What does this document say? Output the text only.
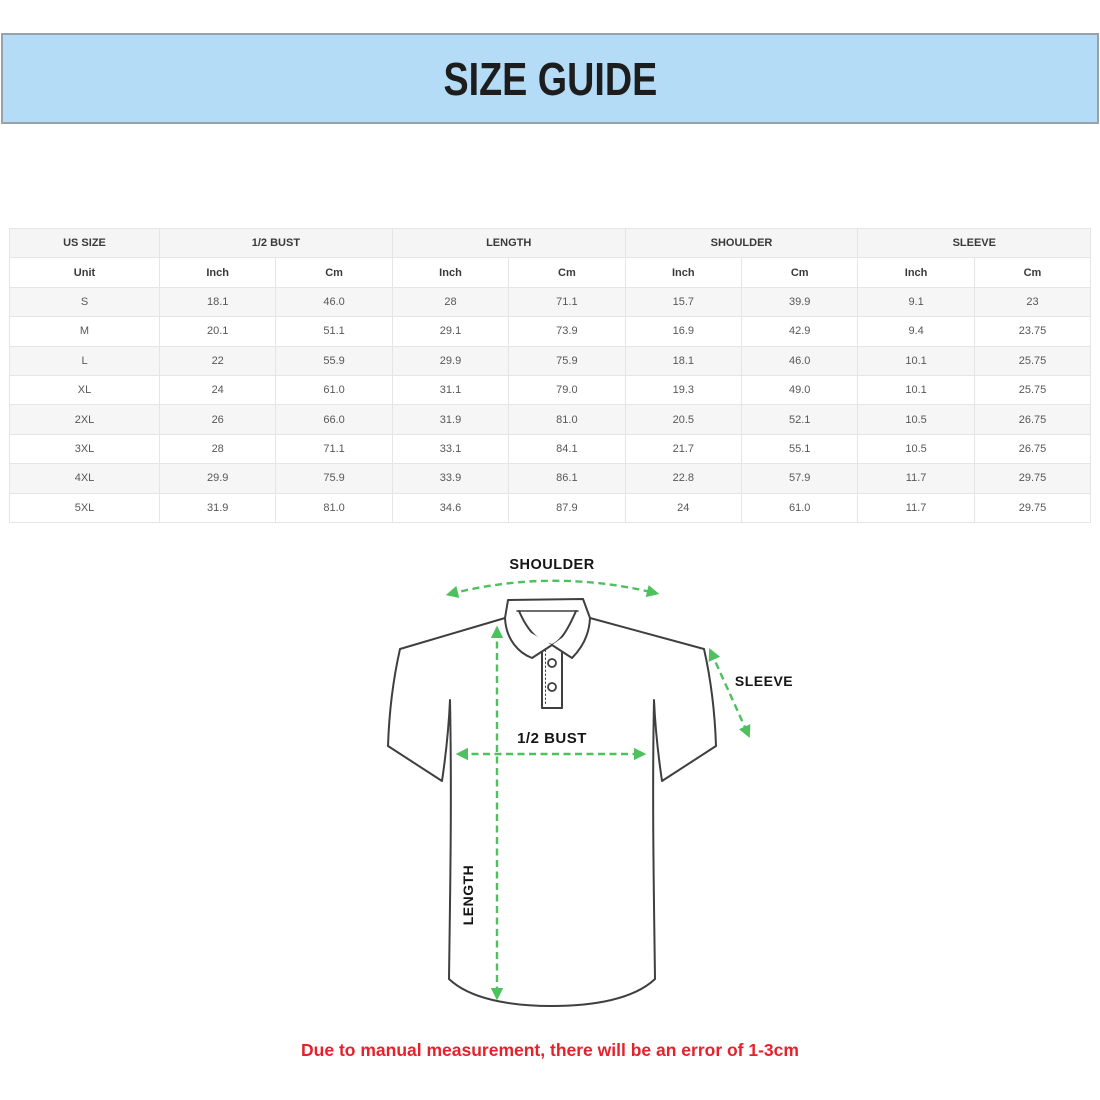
SIZE GUIDE
US SIZE	1/2 BUST		LENGTH		SHOULDER		SLEEVE	
Unit	Inch	Cm	Inch	Cm	Inch	Cm	Inch	Cm
S	18.1	46.0	28	71.1	15.7	39.9	9.1	23
M	20.1	51.1	29.1	73.9	16.9	42.9	9.4	23.75
L	22	55.9	29.9	75.9	18.1	46.0	10.1	25.75
XL	24	61.0	31.1	79.0	19.3	49.0	10.1	25.75
2XL	26	66.0	31.9	81.0	20.5	52.1	10.5	26.75
3XL	28	71.1	33.1	84.1	21.7	55.1	10.5	26.75
4XL	29.9	75.9	33.9	86.1	22.8	57.9	11.7	29.75
5XL	31.9	81.0	34.6	87.9	24	61.0	11.7	29.75
SHOULDER
SLEEVE
1/2 BUST
LENGTH
Due to manual measurement, there will be an error of 1-3cm
